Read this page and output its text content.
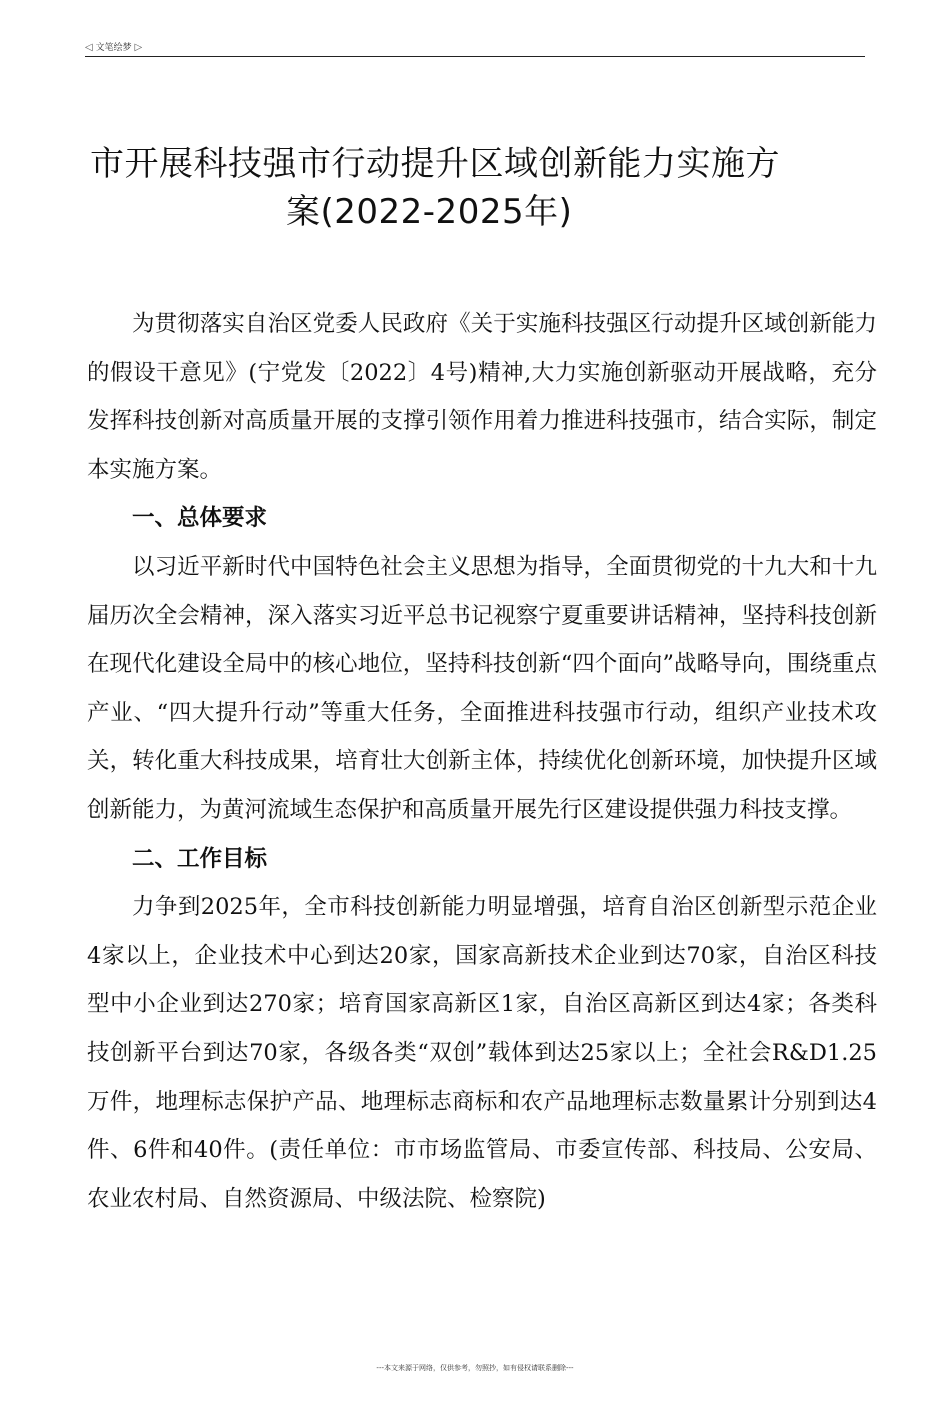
◁ 文笔绘梦 ▷
市开展科技强市行动提升区域创新能力实施方
案(2022-2025年)

为贯彻落实自治区党委人民政府《关于实施科技强区行动提升区域创新能力的假设干意见》(宁党发〔2022〕4号)精神,大力实施创新驱动开展战略，充分发挥科技创新对高质量开展的支撑引领作用着力推进科技强市，结合实际，制定本实施方案。

一、总体要求

以习近平新时代中国特色社会主义思想为指导，全面贯彻党的十九大和十九届历次全会精神，深入落实习近平总书记视察宁夏重要讲话精神，坚持科技创新在现代化建设全局中的核心地位，坚持科技创新“四个面向”战略导向，围绕重点产业、“四大提升行动”等重大任务，全面推进科技强市行动，组织产业技术攻关，转化重大科技成果，培育壮大创新主体，持续优化创新环境，加快提升区域创新能力，为黄河流域生态保护和高质量开展先行区建设提供强力科技支撑。

二、工作目标

力争到2025年，全市科技创新能力明显增强，培育自治区创新型示范企业4家以上，企业技术中心到达20家，国家高新技术企业到达70家，自治区科技型中小企业到达270家；培育国家高新区1家，自治区高新区到达4家；各类科技创新平台到达70家，各级各类“双创”载体到达25家以上；全社会R&D1.25万件，地理标志保护产品、地理标志商标和农产品地理标志数量累计分别到达4件、6件和40件。(责任单位：市市场监管局、市委宣传部、科技局、公安局、农业农村局、自然资源局、中级法院、检察院)

---本文来源于网络，仅供参考，勿照抄，如有侵权请联系删除---
